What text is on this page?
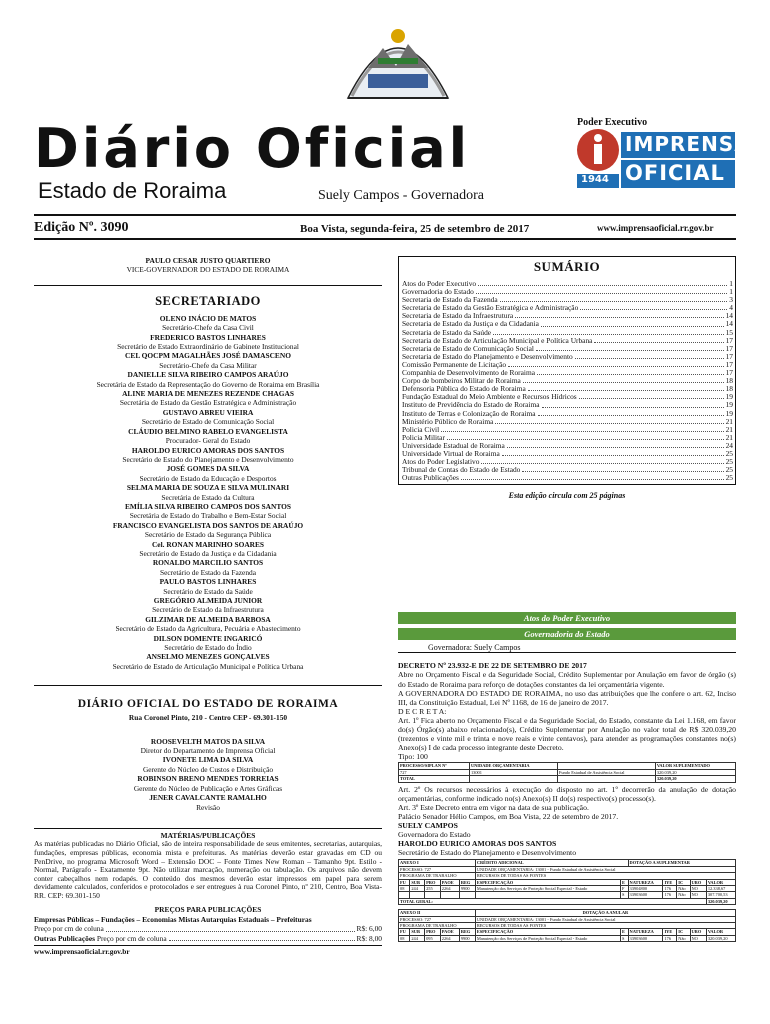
Diário Oficial
Estado de Roraima	Suely Campos - Governadora
Poder Executivo
1944
IMPRENSA
OFICIAL
Edição Nº. 3090	Boa Vista, segunda-feira, 25 de setembro de 2017	www.imprensaoficial.rr.gov.br
PAULO CESAR JUSTO QUARTIERO
VICE-GOVERNADOR DO ESTADO DE RORAIMA
SECRETARIADO
OLENO INÁCIO DE MATOS
Secretário-Chefe da Casa Civil
FREDERICO BASTOS LINHARES
Secretário de Estado Extraordinário de Gabinete Institucional
CEL QOCPM MAGALHÃES JOSÉ DAMASCENO
Secretário-Chefe da Casa Militar
DANIELLE SILVA RIBEIRO CAMPOS ARAÚJO
Secretária de Estado da Representação do Governo de Roraima em Brasília
ALINE MARIA DE MENEZES REZENDE CHAGAS
Secretária de Estado da Gestão Estratégica e Administração
GUSTAVO ABREU VIEIRA
Secretário de Estado de Comunicação Social
CLÁUDIO BELMINO RABELO EVANGELISTA
Procurador- Geral do Estado
HAROLDO EURICO AMORAS DOS SANTOS
Secretário de Estado do Planejamento e Desenvolvimento
JOSÉ GOMES DA SILVA
Secretário de Estado da Educação e Desportos
SELMA MARIA DE SOUZA E SILVA MULINARI
Secretária de Estado da Cultura
EMÍLIA SILVA RIBEIRO CAMPOS DOS SANTOS
Secretária de Estado do Trabalho e Bem-Estar Social
FRANCISCO EVANGELISTA DOS SANTOS DE ARAÚJO
Secretário de Estado da Segurança Pública
Cel. RONAN MARINHO SOARES
Secretário de Estado da Justiça e da Cidadania
RONALDO MARCILIO SANTOS
Secretário de Estado da Fazenda
PAULO BASTOS LINHARES
Secretário de Estado da Saúde
GREGÓRIO ALMEIDA JUNIOR
Secretário de Estado da Infraestrutura
GILZIMAR DE ALMEIDA BARBOSA
Secretário de Estado da Agricultura, Pecuária e Abastecimento
DILSON DOMENTE INGARICÓ
Secretário de Estado do Índio
ANSELMO MENEZES GONÇALVES
Secretário de Estado de Articulação Municipal e Política Urbana
DIÁRIO OFICIAL DO ESTADO DE RORAIMA
Rua Coronel Pinto, 210 - Centro CEP - 69.301-150
ROOSEVELTH MATOS DA SILVA
Diretor do Departamento de Imprensa Oficial
IVONETE LIMA DA SILVA
Gerente do Núcleo de Custos e Distribuição
ROBINSON BRENO MENDES TORREIAS
Gerente do Núcleo de Publicação e Artes Gráficas
JENER CAVALCANTE RAMALHO
Revisão
MATÉRIAS/PUBLICAÇÕES
As matérias publicadas no Diário Oficial, são de inteira responsabilidade de seus emitentes, secretarias, autarquias, fundações, empresas públicas, economia mista e prefeituras. As matérias deverão estar gravadas em CD ou PenDrive, no programa Microsoft Word – Extensão DOC – Fonte Times New Roman – Tamanho 9pt. Estilo - Normal, Parágrafo - Exatamente 9pt. Não utilizar marcação, numeração ou tabulação. Os arquivos não devem conter cabeçalhos nem rodapés. O conteúdo dos mesmos deverão estar impressos em papel para serem devidamente calculados, conferidos e protocolados e ser entregues à rua Coronel Pinto, nº 210, Centro, Boa Vista-RR. CEP: 69.301-150
PREÇOS PARA PUBLICAÇÕES
Empresas Públicas – Fundações – Economias Mistas Autarquias Estaduais – Prefeituras
Preço por cm de coluna	R$: 6,00
Outras Publicações Preço por cm de coluna	R$: 8,00
www.imprensaoficial.rr.gov.br
SUMÁRIO
Atos do Poder Executivo	1
Governadoria do Estado	1
Secretaria de Estado da Fazenda	3
Secretaria de Estado da Gestão Estratégica e Administração	4
Secretaria de Estado da Infraestrutura	14
Secretaria de Estado da Justiça e da Cidadania	14
Secretaria de Estado da Saúde	15
Secretaria de Estado de Articulação Municipal e Política Urbana	17
Secretaria de Estado de Comunicação Social	17
Secretaria de Estado do Planejamento e Desenvolvimento	17
Comissão Permanente de Licitação	17
Companhia de Desenvolvimento de Roraima	17
Corpo de bombeiros Militar de Roraima	18
Defensoria Pública do Estado de Roraima	18
Fundação Estadual do Meio Ambiente e Recursos Hídricos	19
Instituto de Previdência do Estado de Roraima	19
Instituto de Terras e Colonização de Roraima	19
Ministério Público de Roraima	21
Policia Civil	21
Policia Militar	21
Universidade Estadual de Roraima	24
Universidade Virtual de Roraima	25
Atos do Poder Legislativo	25
Tribunal de Contas do Estado de Estado	25
Outras Publicações	25
Esta edição circula com 25 páginas
Atos do Poder Executivo
Governadoria do Estado
Governadora: Suely Campos
DECRETO Nº 23.932-E DE 22 DE SETEMBRO DE 2017
Abre no Orçamento Fiscal e da Seguridade Social, Crédito Suplementar por Anulação em favor de órgão (s) do Estado de Roraima para reforço de dotações constantes da lei orçamentária vigente.
A GOVERNADORA DO ESTADO DE RORAIMA, no uso das atribuições que lhe confere o art. 62, Inciso III, da Constituição Estadual, Lei Nº 1168, de 16 de janeiro de 2017.
D E C R E T A:
Art. 1º Fica aberto no Orçamento Fiscal e da Seguridade Social, do Estado, constante da Lei 1.168, em favor do(s) Órgão(s) abaixo relacionado(s), Crédito Suplementar por Anulação no valor total de R$ 320.039,20 (trezentos e vinte mil e trinta e nove reais e vinte centavos), para atender as programações constantes no(s) Anexo(s) I de cada processo integrante deste Decreto.
Tipo: 100
PROCESSO/SIPLAN Nº	UNIDADE ORÇAMENTARIA		VALOR SUPLEMENTADO
727	13001	Fundo Estadual de Assistência Social	320.039,20
TOTAL			320.039,20
Art. 2º Os recursos necessários à execução do disposto no art. 1º decorrerão da anulação de dotação orçamentárias, conforme indicado no(s) Anexo(s) II do(s) respectivo(s) processo(s).
Art. 3º Este Decreto entra em vigor na data de sua publicação.
Palácio Senador Hélio Campos, em Boa Vista, 22 de setembro de 2017.
SUELY CAMPOS
Governadora do Estado
HAROLDO EURICO AMORAS DOS SANTOS
Secretário de Estado do Planejamento e Desenvolvimento
ANEXO I					CRÉDITO ADICIONAL		DOTAÇÃO A SUPLEMENTAR				
PROCESSO: 727					UNIDADE ORÇAMENTARIA: 13001 - Fundo Estadual de Assistência Social						
PROGRAMA DE TRABALHO					RECURSOS DE TODAS AS FONTES						
FU	SUB	PRO	PAOE	REG	ESPECIFICAÇÃO	E	NATUREZA	IYE	IC	URO	VALOR
08	244	255	2264	9900	Manutenção dos Serviços de Proteção Social Especial - Estado	F	33904800	176	Não	NO	12.338,67
						S	33903600	176	Não	NO	307.700,53
TOTAL GERAL:											320.039,20
ANEXO II					DOTAÇÃO A ANULAR						
PROCESSO: 727					UNIDADE ORÇAMENTARIA: 13001 - Fundo Estadual de Assistência Social						
PROGRAMA DE TRABALHO					RECURSOS DE TODAS AS FONTES						
FU	SUB	PRO	PAOE	REG	ESPECIFICAÇÃO	E	NATUREZA	IYE	IC	URO	VALOR
08	244	095	2264	9900	Manutenção dos Serviços de Proteção Social Especial - Estado	S	33903600	176	Não	NO	320.039,20
